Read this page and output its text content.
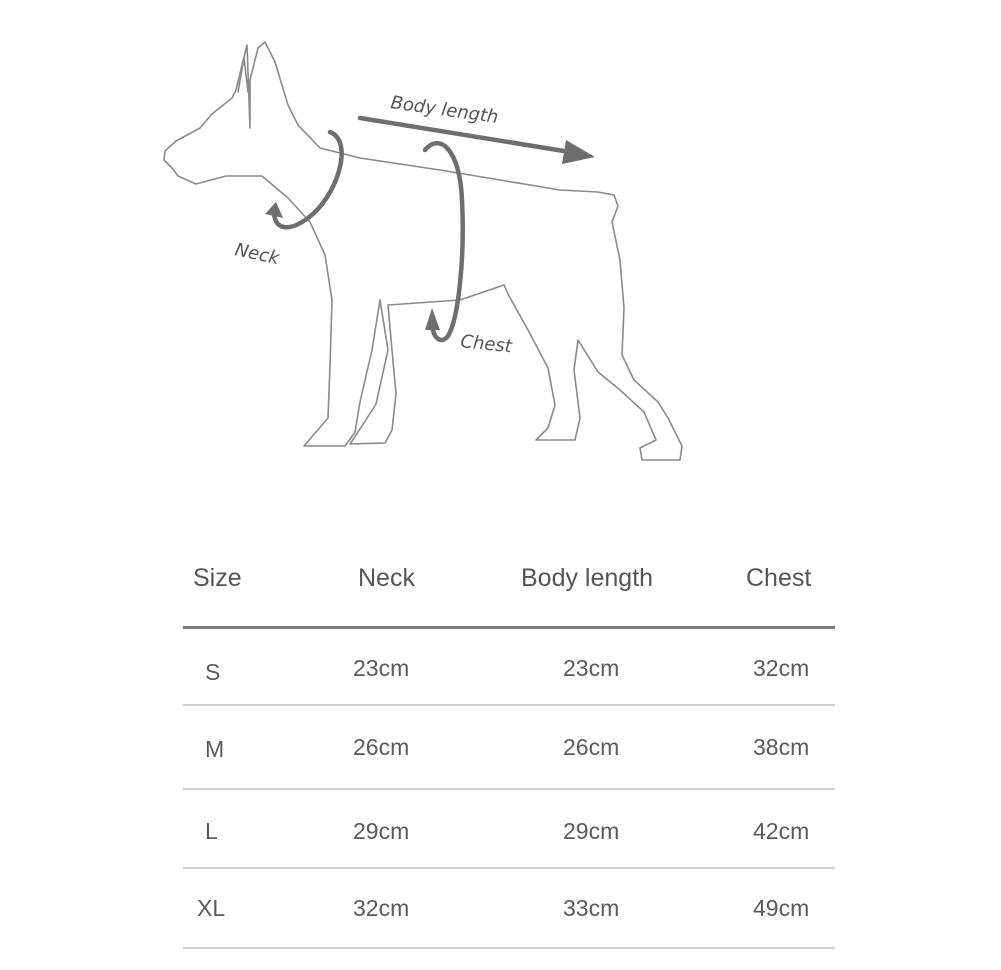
Body length
Neck
Chest
Size	Neck	Body length	Chest
S	23cm	23cm	32cm
M	26cm	26cm	38cm
L	29cm	29cm	42cm
XL	32cm	33cm	49cm
